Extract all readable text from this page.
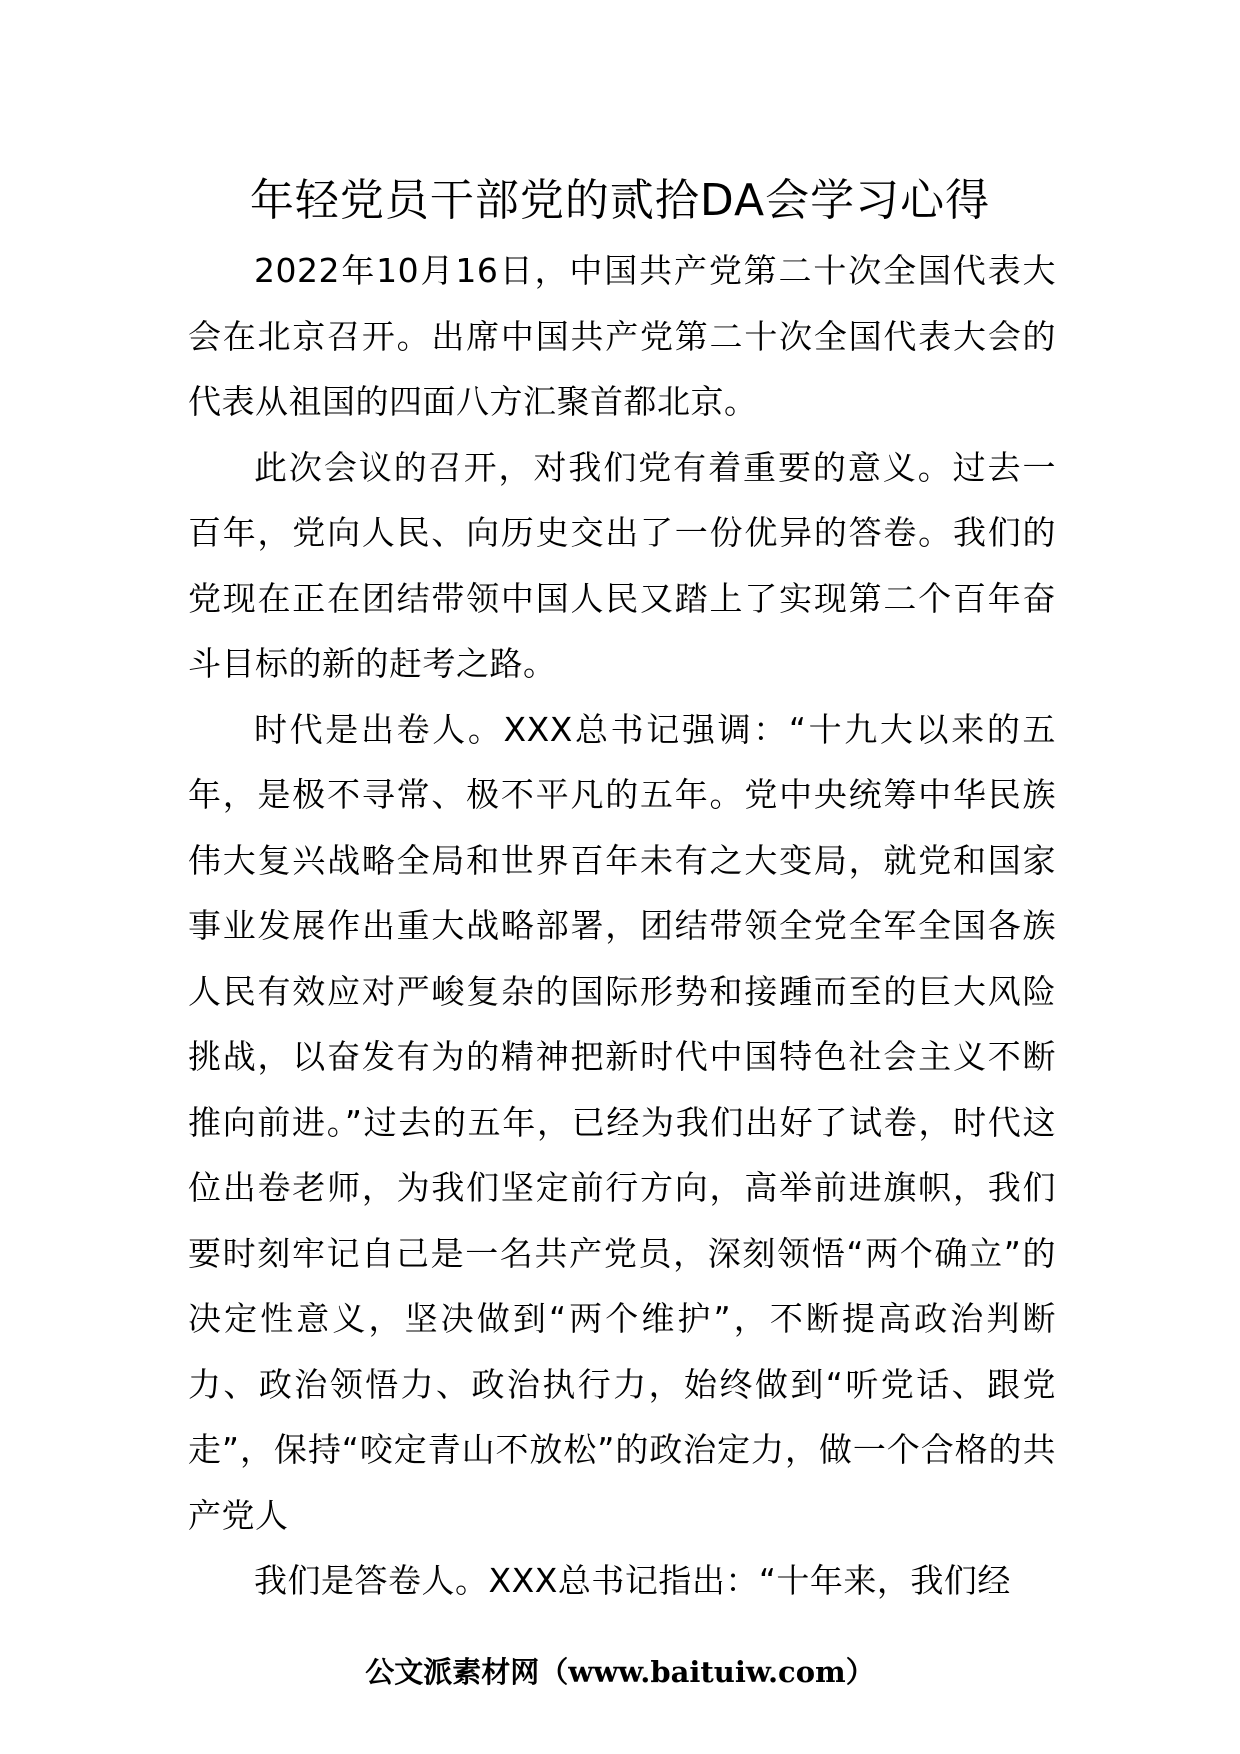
年轻党员干部党的贰拾DA会学习心得

2022年10月16日，中国共产党第二十次全国代表大会在北京召开。出席中国共产党第二十次全国代表大会的代表从祖国的四面八方汇聚首都北京。

此次会议的召开，对我们党有着重要的意义。过去一百年，党向人民、向历史交出了一份优异的答卷。我们的党现在正在团结带领中国人民又踏上了实现第二个百年奋斗目标的新的赶考之路。

时代是出卷人。XXX总书记强调：“十九大以来的五年，是极不寻常、极不平凡的五年。党中央统筹中华民族伟大复兴战略全局和世界百年未有之大变局，就党和国家事业发展作出重大战略部署，团结带领全党全军全国各族人民有效应对严峻复杂的国际形势和接踵而至的巨大风险挑战，以奋发有为的精神把新时代中国特色社会主义不断推向前进。”过去的五年，已经为我们出好了试卷，时代这位出卷老师，为我们坚定前行方向，高举前进旗帜，我们要时刻牢记自己是一名共产党员，深刻领悟“两个确立”的决定性意义，坚决做到“两个维护”，不断提高政治判断力、政治领悟力、政治执行力，始终做到“听党话、跟党走”，保持“咬定青山不放松”的政治定力，做一个合格的共产党人

我们是答卷人。XXX总书记指出：“十年来，我们经

公文派素材网（www.baituiw.com）
